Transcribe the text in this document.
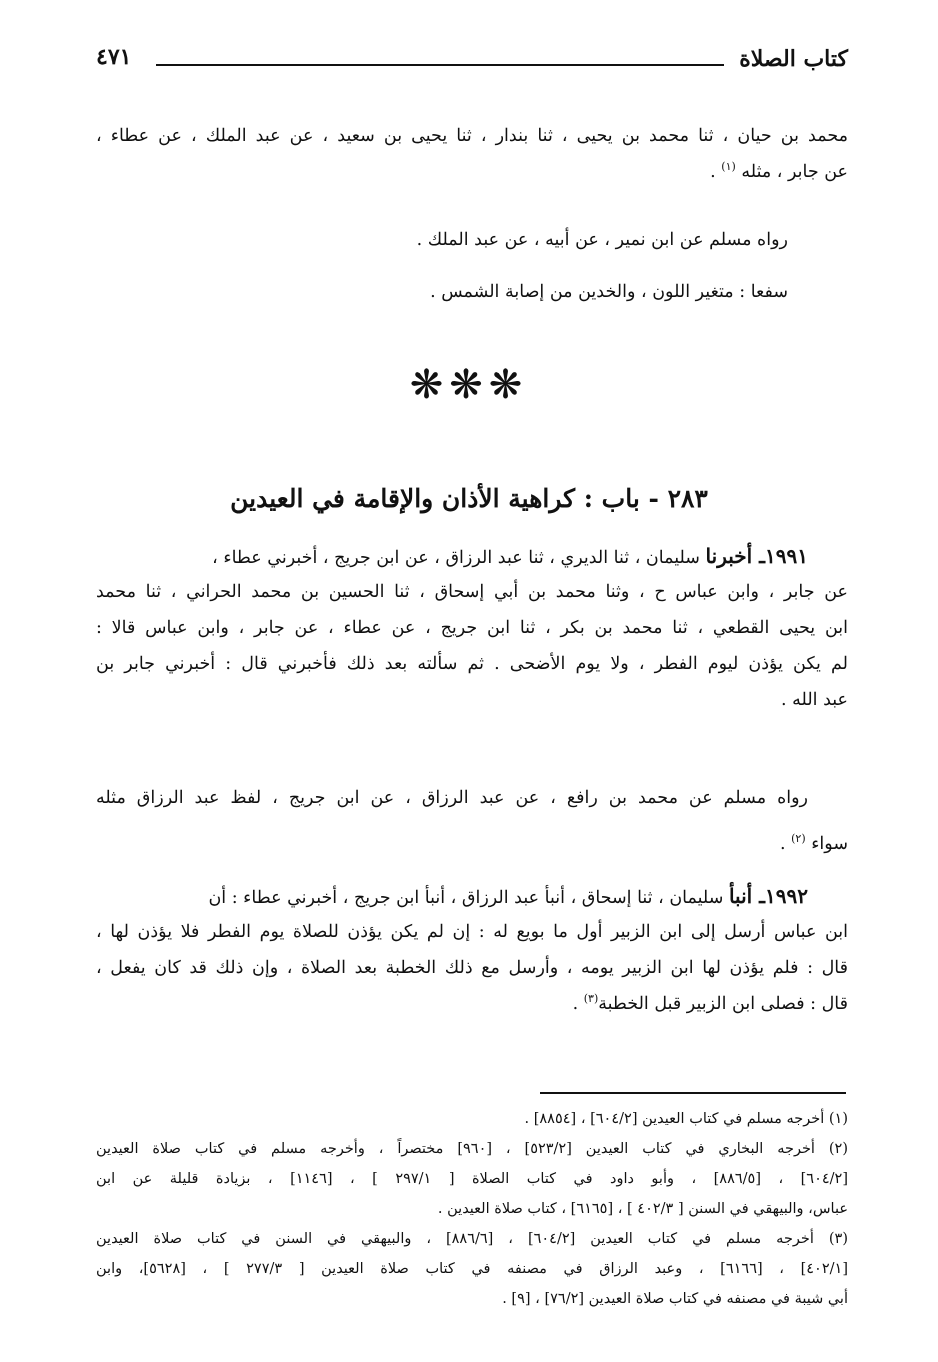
كتاب الصلاة
٤٧١
محمد بن حيان ، ثنا محمد بن يحيى ، ثنا بندار ، ثنا يحيى بن سعيد ، عن عبد الملك ، عن عطاء ،
عن جابر ، مثله $^{(١)}$ .
رواه مسلم عن ابن نمير ، عن أبيه ، عن عبد الملك .
سفعا : متغير اللون ، والخدين من إصابة الشمس .
❋❋❋
٢٨٣ - باب : كراهية الأذان والإقامة في العيدين
١٩٩١ـ أخبرنا سليمان ، ثنا الديري ، ثنا عبد الرزاق ، عن ابن جريج ، أخبرني عطاء ،
عن جابر ، وابن عباس ح ، وثنا محمد بن أبي إسحاق ، ثنا الحسين بن محمد الحراني ، ثنا محمد
ابن يحيى القطعي ، ثنا محمد بن بكر ، ثنا ابن جريج ، عن عطاء ، عن جابر ، وابن عباس قالا :
لم يكن يؤذن ليوم الفطر ، ولا يوم الأضحى . ثم سألته بعد ذلك فأخبرني قال : أخبرني جابر بن
عبد الله .
رواه مسلم عن محمد بن رافع ، عن عبد الرزاق ، عن ابن جريج ، لفظ عبد الرزاق مثله
سواء $^{(٢)}$ .
١٩٩٢ـ أنبأ سليمان ، ثنا إسحاق ، أنبأ عبد الرزاق ، أنبأ ابن جريج ، أخبرني عطاء : أن
ابن عباس أرسل إلى ابن الزبير أول ما بويع له : إن لم يكن يؤذن للصلاة يوم الفطر فلا يؤذن لها ،
قال : فلم يؤذن لها ابن الزبير يومه ، وأرسل مع ذلك الخطبة بعد الصلاة ، وإن ذلك قد كان يفعل ،
قال : فصلى ابن الزبير قبل الخطبة$^{(٣)}$ .
(١) أخرجه مسلم في كتاب العيدين [٦٠٤/٢] ، [٨٨٥٤] .
(٢) أخرجه البخاري في كتاب العيدين [٥٢٣/٢] ، [٩٦٠] مختصراً ، وأخرجه مسلم في كتاب صلاة العيدين
[٦٠٤/٢] ، [٨٨٦/٥] ، وأبو داود في كتاب الصلاة [ ٢٩٧/١ ] ، [١١٤٦] ، بزيادة قليلة عن ابن
عباس، والبيهقي في السنن [ ٤٠٢/٣ ] ، [٦١٦٥] ، كتاب صلاة العيدين .
(٣) أخرجه مسلم في كتاب العيدين [٦٠٤/٢] ، [٨٨٦/٦] ، والبيهقي في السنن في كتاب صلاة العيدين
[٤٠٢/١] ، [٦١٦٦] ، وعبد الرزاق في مصنفه في كتاب صلاة العيدين [ ٢٧٧/٣ ] ، [٥٦٢٨]، وابن
أبي شيبة في مصنفه في كتاب صلاة العيدين [٧٦/٢] ، [٩] .
